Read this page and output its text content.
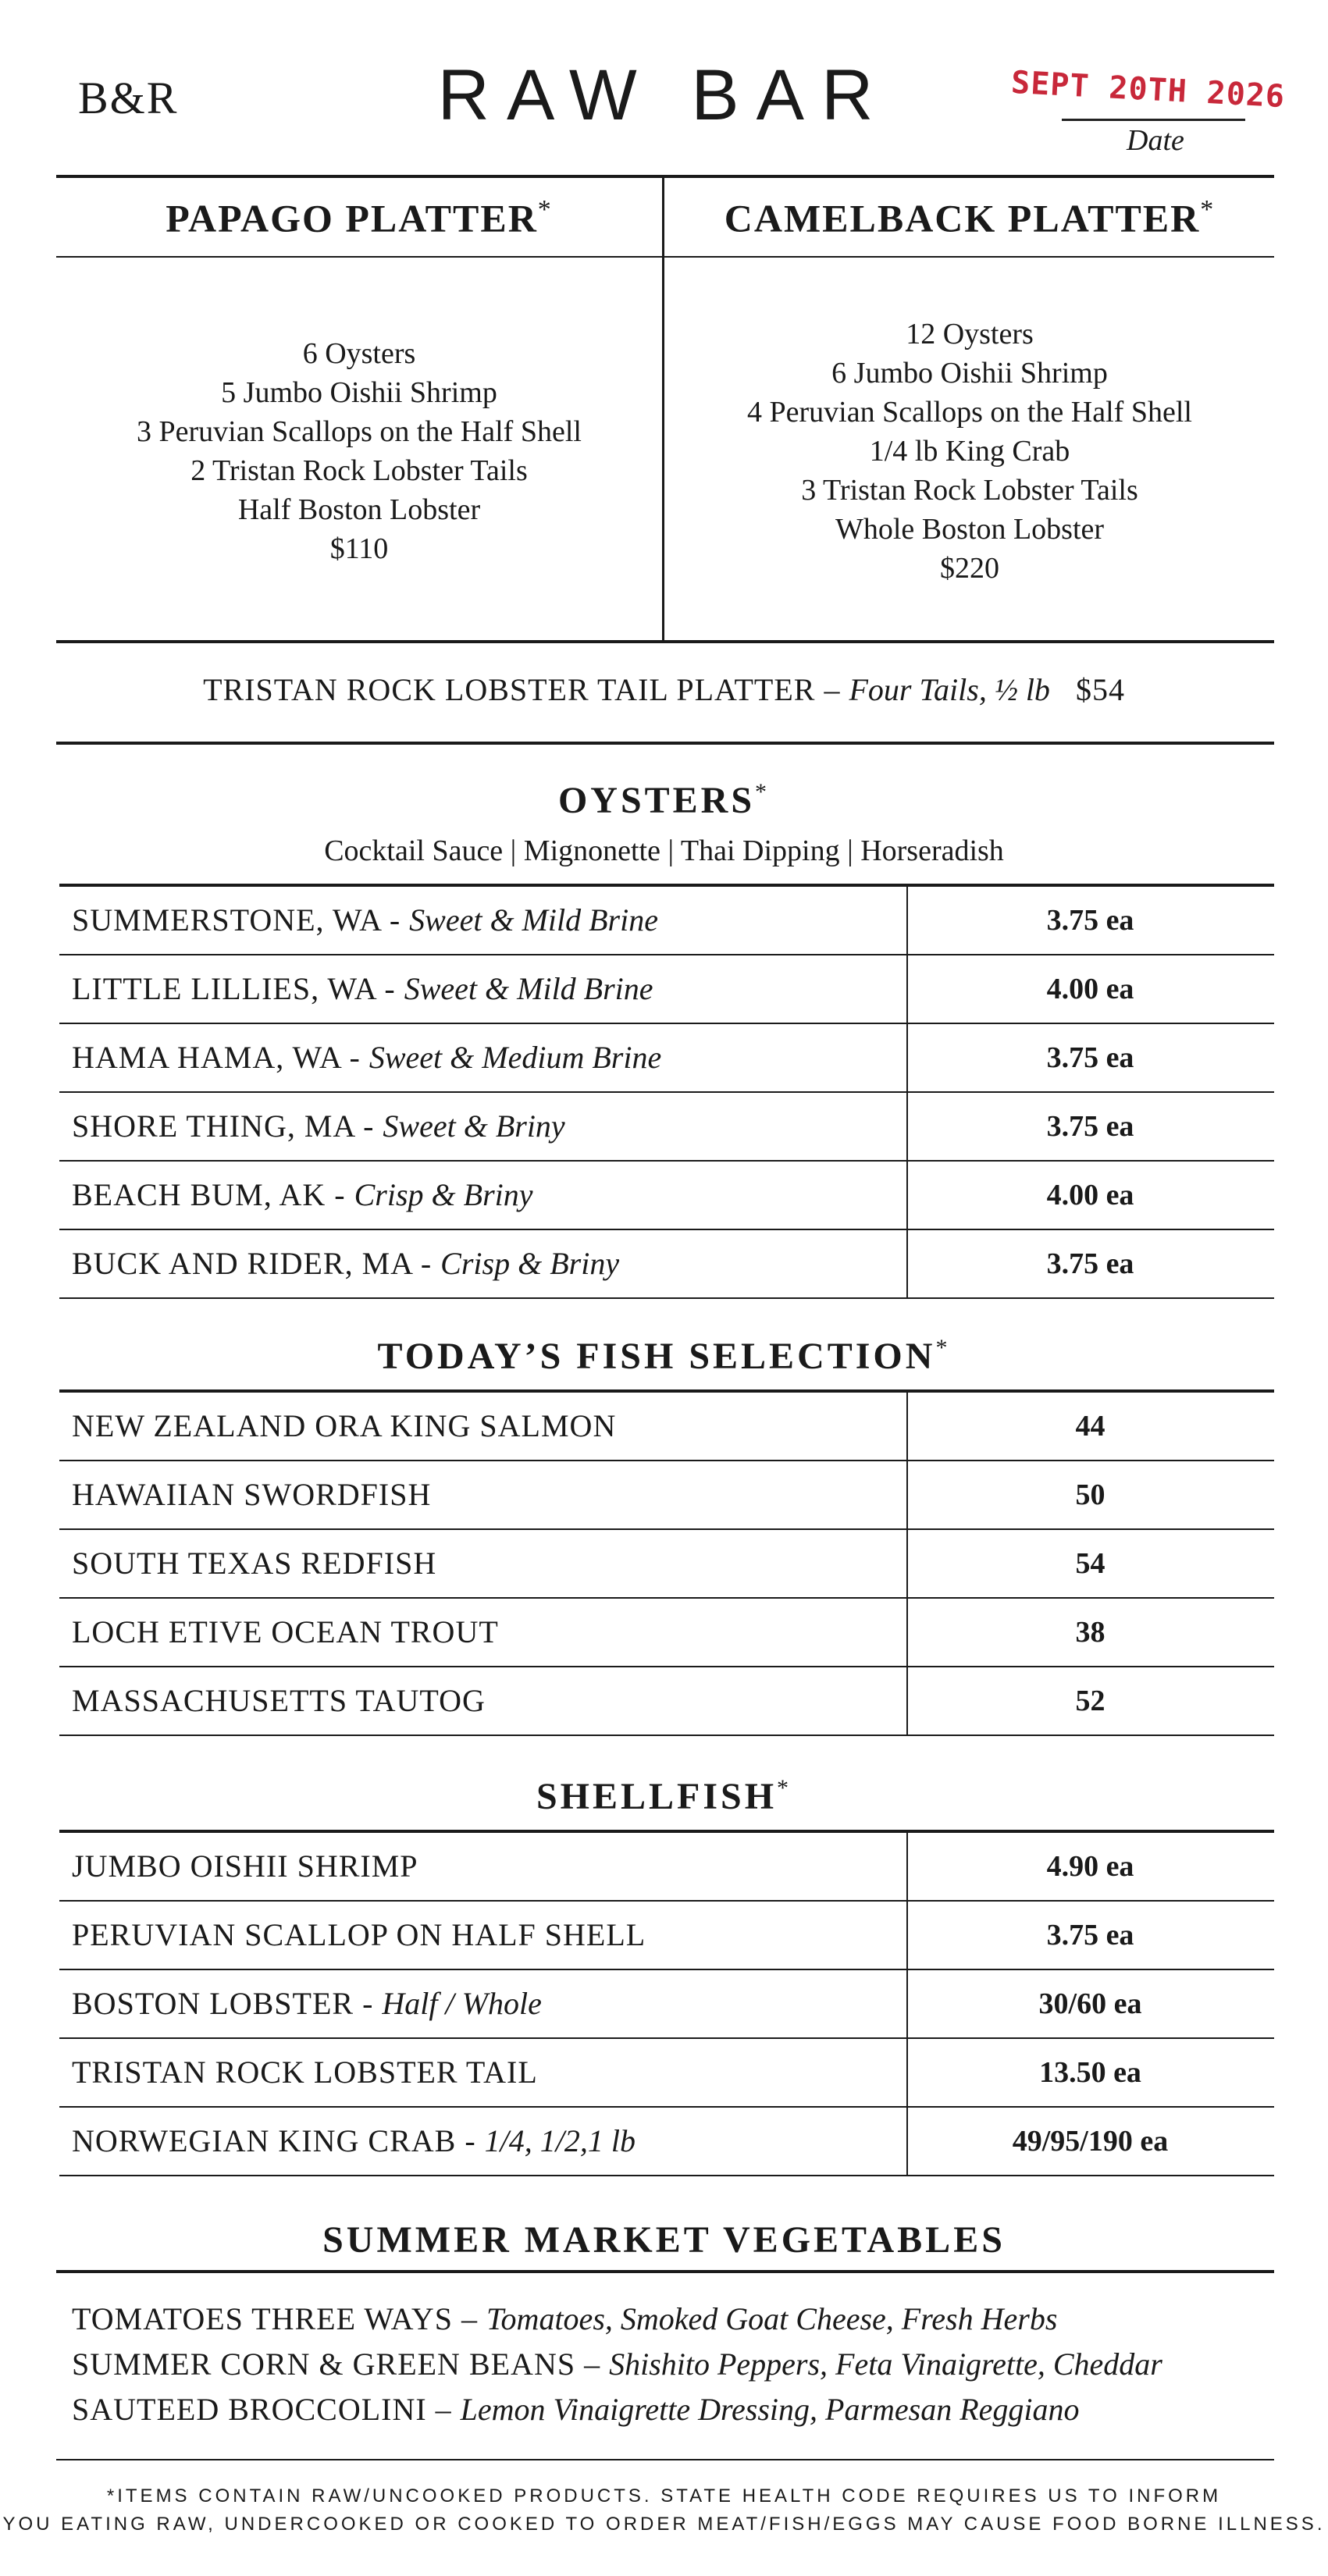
B&R	RAW BAR	SEPT 20TH 2026
Date
PAPAGO PLATTER*	CAMELBACK PLATTER*
6 Oysters
5 Jumbo Oishii Shrimp
3 Peruvian Scallops on the Half Shell
2 Tristan Rock Lobster Tails
Half Boston Lobster
$110
12 Oysters
6 Jumbo Oishii Shrimp
4 Peruvian Scallops on the Half Shell
1/4 lb King Crab
3 Tristan Rock Lobster Tails
Whole Boston Lobster
$220
TRISTAN ROCK LOBSTER TAIL PLATTER – Four Tails, ½ lb $54
OYSTERS*
Cocktail Sauce | Mignonette | Thai Dipping | Horseradish
SUMMERSTONE, WA - Sweet & Mild Brine	3.75 ea
LITTLE LILLIES, WA - Sweet & Mild Brine	4.00 ea
HAMA HAMA, WA - Sweet & Medium Brine	3.75 ea
SHORE THING, MA - Sweet & Briny	3.75 ea
BEACH BUM, AK - Crisp & Briny	4.00 ea
BUCK AND RIDER, MA - Crisp & Briny	3.75 ea
TODAY’S FISH SELECTION*
NEW ZEALAND ORA KING SALMON	44
HAWAIIAN SWORDFISH	50
SOUTH TEXAS REDFISH	54
LOCH ETIVE OCEAN TROUT	38
MASSACHUSETTS TAUTOG	52
SHELLFISH*
JUMBO OISHII SHRIMP	4.90 ea
PERUVIAN SCALLOP ON HALF SHELL	3.75 ea
BOSTON LOBSTER - Half / Whole	30/60 ea
TRISTAN ROCK LOBSTER TAIL	13.50 ea
NORWEGIAN KING CRAB - 1/4, 1/2,1 lb	49/95/190 ea
SUMMER MARKET VEGETABLES
TOMATOES THREE WAYS – Tomatoes, Smoked Goat Cheese, Fresh Herbs
SUMMER CORN & GREEN BEANS – Shishito Peppers, Feta Vinaigrette, Cheddar
SAUTEED BROCCOLINI – Lemon Vinaigrette Dressing, Parmesan Reggiano
*ITEMS CONTAIN RAW/UNCOOKED PRODUCTS. STATE HEALTH CODE REQUIRES US TO INFORM
YOU EATING RAW, UNDERCOOKED OR COOKED TO ORDER MEAT/FISH/EGGS MAY CAUSE FOOD BORNE ILLNESS.
